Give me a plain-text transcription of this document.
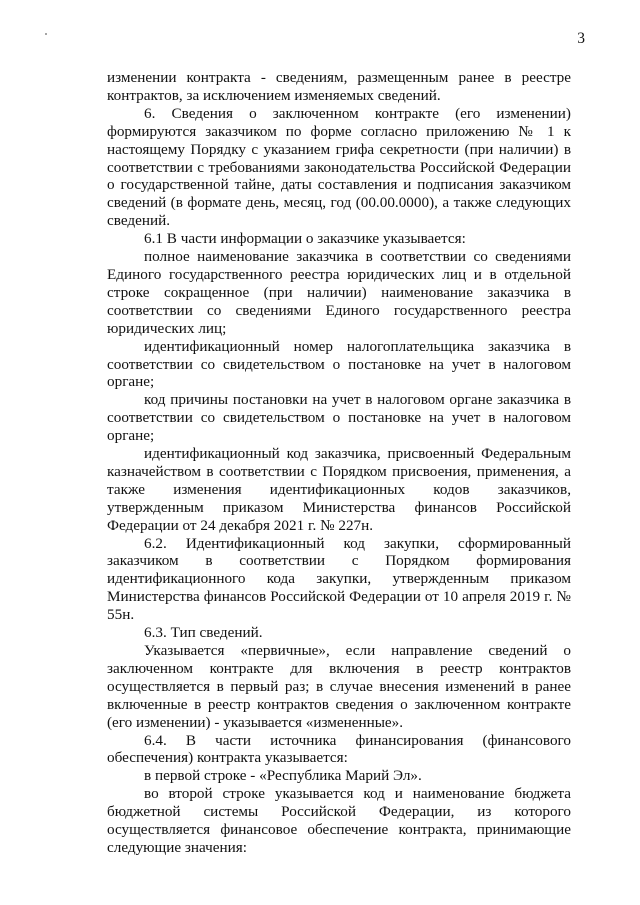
3

изменении контракта - сведениям, размещенным ранее в реестре контрактов, за исключением изменяемых сведений.

6. Сведения о заключенном контракте (его изменении) формируются заказчиком по форме согласно приложению № 1 к настоящему Порядку с указанием грифа секретности (при наличии) в соответствии с требованиями законодательства Российской Федерации о государственной тайне, даты составления и подписания заказчиком сведений (в формате день, месяц, год (00.00.0000), а также следующих сведений.

6.1 В части информации о заказчике указывается:

полное наименование заказчика в соответствии со сведениями Единого государственного реестра юридических лиц и в отдельной строке сокращенное (при наличии) наименование заказчика в соответствии со сведениями Единого государственного реестра юридических лиц;

идентификационный номер налогоплательщика заказчика в соответствии со свидетельством о постановке на учет в налоговом органе;

код причины постановки на учет в налоговом органе заказчика в соответствии со свидетельством о постановке на учет в налоговом органе;

идентификационный код заказчика, присвоенный Федеральным казначейством в соответствии с Порядком присвоения, применения, а также изменения идентификационных кодов заказчиков, утвержденным приказом Министерства финансов Российской Федерации от 24 декабря 2021 г. № 227н.

6.2. Идентификационный код закупки, сформированный заказчиком в соответствии с Порядком формирования идентификационного кода закупки, утвержденным приказом Министерства финансов Российской Федерации от 10 апреля 2019 г. № 55н.

6.3. Тип сведений.

Указывается «первичные», если направление сведений о заключенном контракте для включения в реестр контрактов осуществляется в первый раз; в случае внесения изменений в ранее включенные в реестр контрактов сведения о заключенном контракте (его изменении) - указывается «измененные».

6.4. В части источника финансирования (финансового обеспечения) контракта указывается:

в первой строке - «Республика Марий Эл».

во второй строке указывается код и наименование бюджета бюджетной системы Российской Федерации, из которого осуществляется финансовое обеспечение контракта, принимающие следующие значения:
